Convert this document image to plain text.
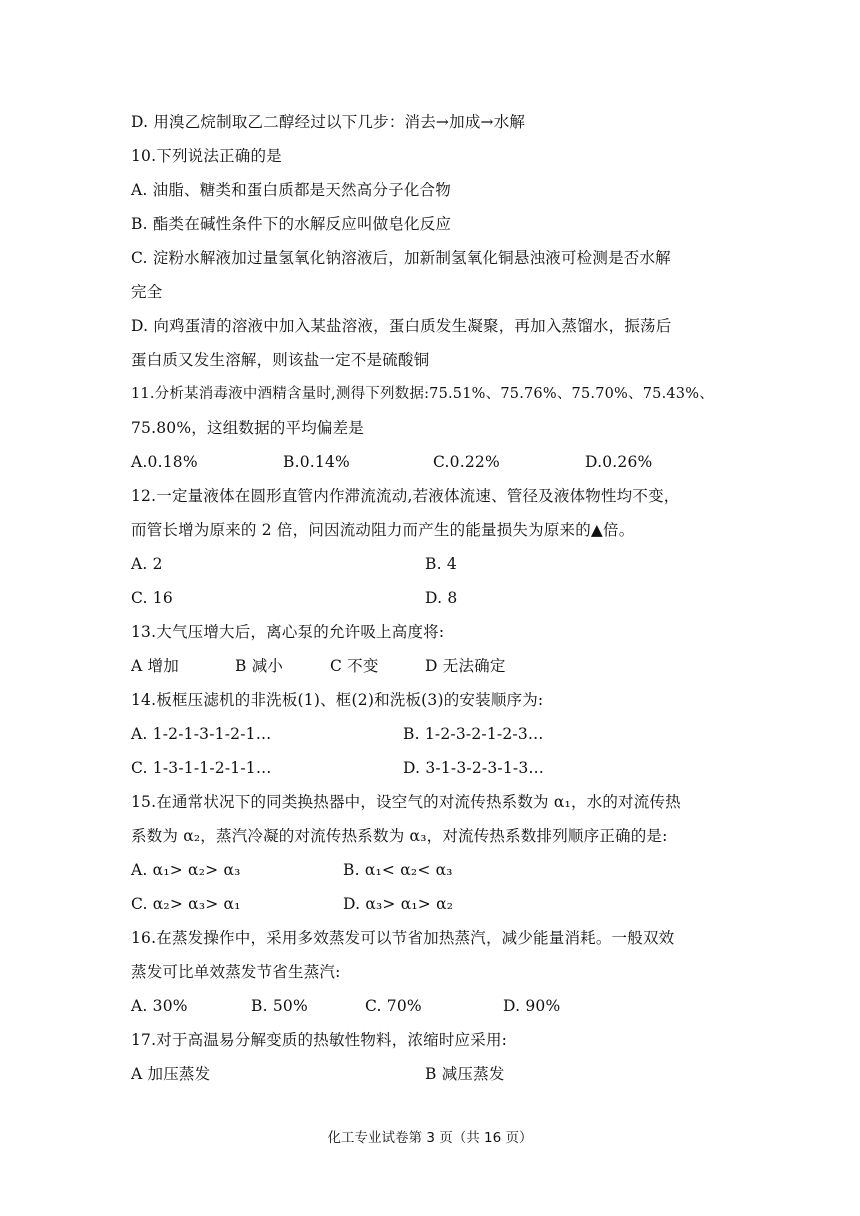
D. 用溴乙烷制取乙二醇经过以下几步：消去→加成→水解
10.下列说法正确的是
A. 油脂、糖类和蛋白质都是天然高分子化合物
B. 酯类在碱性条件下的水解反应叫做皂化反应
C. 淀粉水解液加过量氢氧化钠溶液后，加新制氢氧化铜悬浊液可检测是否水解
完全
D. 向鸡蛋清的溶液中加入某盐溶液，蛋白质发生凝聚，再加入蒸馏水，振荡后
蛋白质又发生溶解，则该盐一定不是硫酸铜
11.分析某消毒液中酒精含量时,测得下列数据:75.51%、75.76%、75.70%、75.43%、
75.80%，这组数据的平均偏差是
A.0.18%	B.0.14%	C.0.22%	D.0.26%
12.一定量液体在圆形直管内作滞流流动,若液体流速、管径及液体物性均不变，
而管长增为原来的 2 倍，问因流动阻力而产生的能量损失为原来的▲倍。
A. 2	B. 4
C. 16	D. 8
13.大气压增大后，离心泵的允许吸上高度将:
A 增加	B 减小	C 不变	D 无法确定
14.板框压滤机的非洗板(1)、框(2)和洗板(3)的安装顺序为:
A. 1-2-1-3-1-2-1…	B. 1-2-3-2-1-2-3…
C. 1-3-1-1-2-1-1…	D. 3-1-3-2-3-1-3…
15.在通常状况下的同类换热器中，设空气的对流传热系数为 α₁，水的对流传热
系数为 α₂，蒸汽冷凝的对流传热系数为 α₃，对流传热系数排列顺序正确的是:
A. α₁> α₂> α₃	B. α₁< α₂< α₃
C. α₂> α₃> α₁	D. α₃> α₁> α₂
16.在蒸发操作中，采用多效蒸发可以节省加热蒸汽，减少能量消耗。一般双效
蒸发可比单效蒸发节省生蒸汽:
A. 30%	B. 50%	C. 70%	D. 90%
17.对于高温易分解变质的热敏性物料，浓缩时应采用:
A 加压蒸发	B 减压蒸发
化工专业试卷第 3 页（共 16 页）
